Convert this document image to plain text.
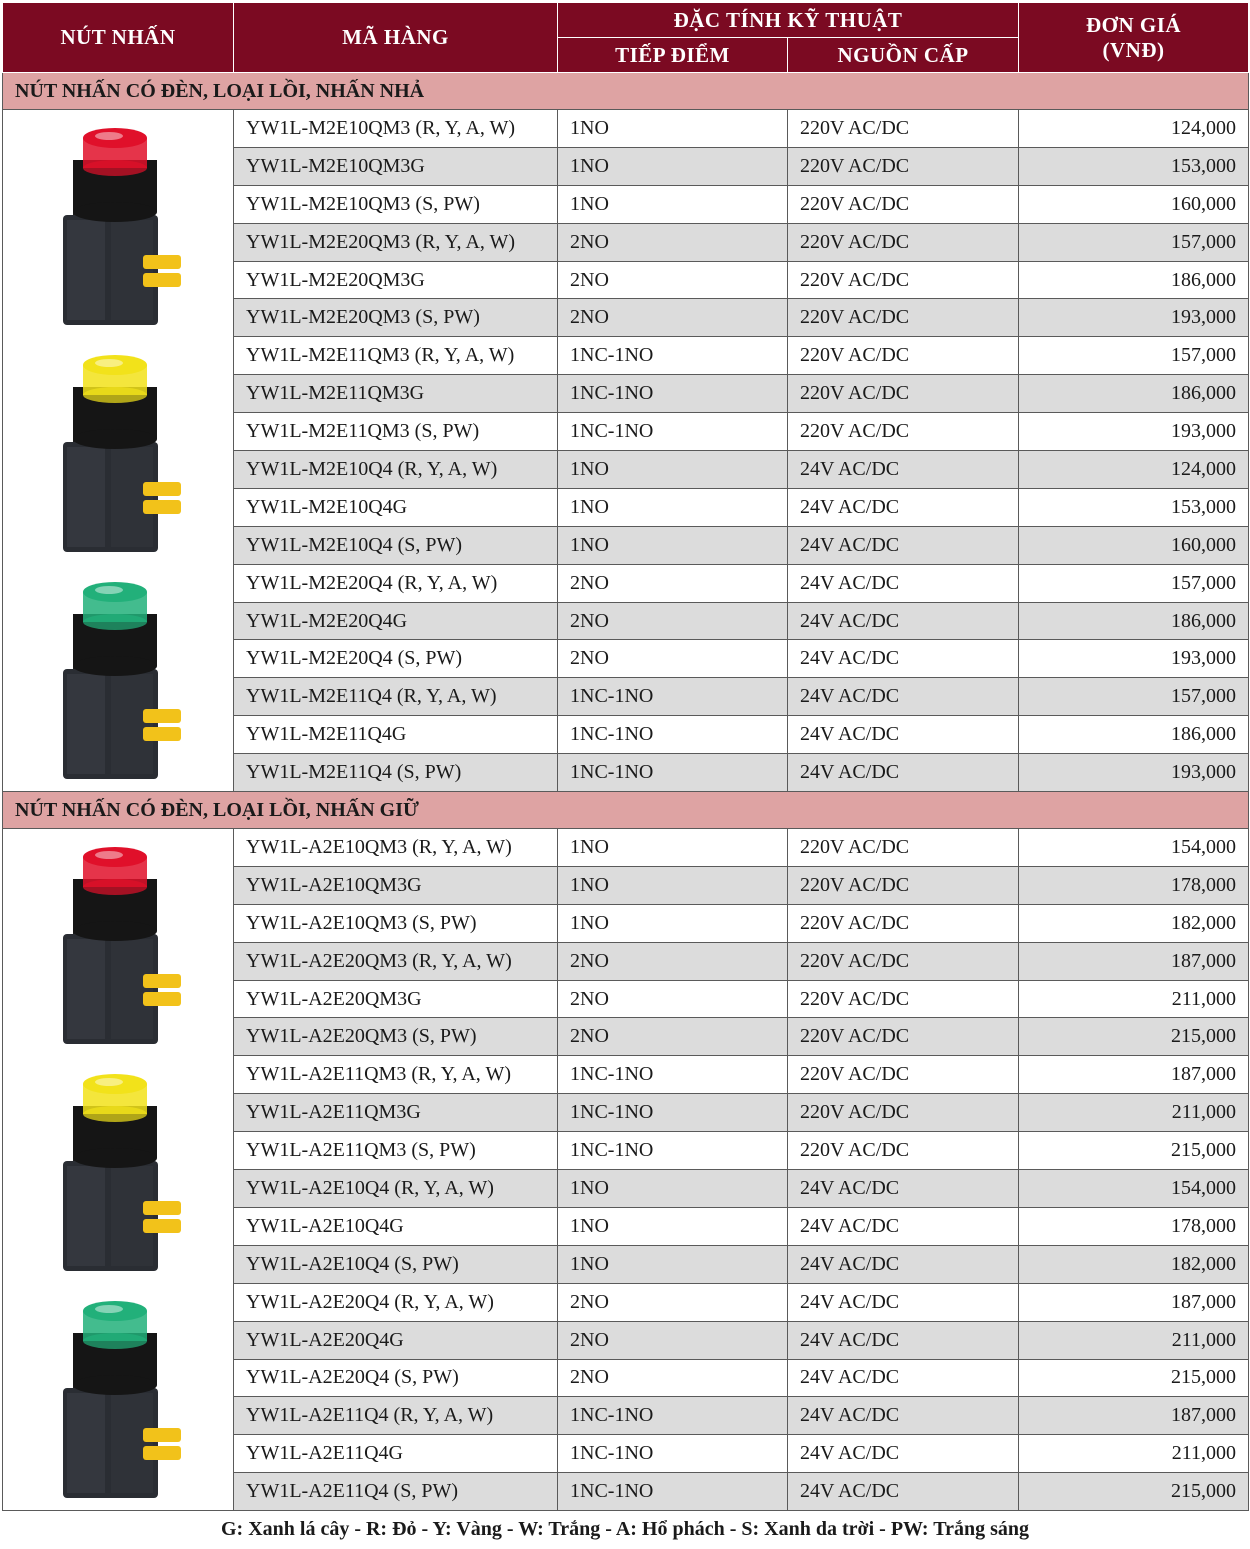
NÚT NHẤN	MÃ HÀNG	ĐẶC TÍNH KỸ THUẬT		ĐƠN GIÁ
(VNĐ)

		TIẾP ĐIỂM	NGUỒN CẤP	
NÚT NHẤN CÓ ĐÈN, LOẠI LỒI, NHẤN NHẢ				

	YW1L-M2E10QM3 (R, Y, A, W)	1NO	220V AC/DC	124,000
	YW1L-M2E10QM3G	1NO	220V AC/DC	153,000
	YW1L-M2E10QM3 (S, PW)	1NO	220V AC/DC	160,000
	YW1L-M2E20QM3 (R, Y, A, W)	2NO	220V AC/DC	157,000
	YW1L-M2E20QM3G	2NO	220V AC/DC	186,000
	YW1L-M2E20QM3 (S, PW)	2NO	220V AC/DC	193,000
	YW1L-M2E11QM3 (R, Y, A, W)	1NC-1NO	220V AC/DC	157,000
	YW1L-M2E11QM3G	1NC-1NO	220V AC/DC	186,000
	YW1L-M2E11QM3 (S, PW)	1NC-1NO	220V AC/DC	193,000
	YW1L-M2E10Q4 (R, Y, A, W)	1NO	24V AC/DC	124,000
	YW1L-M2E10Q4G	1NO	24V AC/DC	153,000
	YW1L-M2E10Q4 (S, PW)	1NO	24V AC/DC	160,000
	YW1L-M2E20Q4 (R, Y, A, W)	2NO	24V AC/DC	157,000
	YW1L-M2E20Q4G	2NO	24V AC/DC	186,000
	YW1L-M2E20Q4 (S, PW)	2NO	24V AC/DC	193,000
	YW1L-M2E11Q4 (R, Y, A, W)	1NC-1NO	24V AC/DC	157,000
	YW1L-M2E11Q4G	1NC-1NO	24V AC/DC	186,000
	YW1L-M2E11Q4 (S, PW)	1NC-1NO	24V AC/DC	193,000
NÚT NHẤN CÓ ĐÈN, LOẠI LỒI, NHẤN GIỮ				

	YW1L-A2E10QM3 (R, Y, A, W)	1NO	220V AC/DC	154,000
	YW1L-A2E10QM3G	1NO	220V AC/DC	178,000
	YW1L-A2E10QM3 (S, PW)	1NO	220V AC/DC	182,000
	YW1L-A2E20QM3 (R, Y, A, W)	2NO	220V AC/DC	187,000
	YW1L-A2E20QM3G	2NO	220V AC/DC	211,000
	YW1L-A2E20QM3 (S, PW)	2NO	220V AC/DC	215,000
	YW1L-A2E11QM3 (R, Y, A, W)	1NC-1NO	220V AC/DC	187,000
	YW1L-A2E11QM3G	1NC-1NO	220V AC/DC	211,000
	YW1L-A2E11QM3 (S, PW)	1NC-1NO	220V AC/DC	215,000
	YW1L-A2E10Q4 (R, Y, A, W)	1NO	24V AC/DC	154,000
	YW1L-A2E10Q4G	1NO	24V AC/DC	178,000
	YW1L-A2E10Q4 (S, PW)	1NO	24V AC/DC	182,000
	YW1L-A2E20Q4 (R, Y, A, W)	2NO	24V AC/DC	187,000
	YW1L-A2E20Q4G	2NO	24V AC/DC	211,000
	YW1L-A2E20Q4 (S, PW)	2NO	24V AC/DC	215,000
	YW1L-A2E11Q4 (R, Y, A, W)	1NC-1NO	24V AC/DC	187,000
	YW1L-A2E11Q4G	1NC-1NO	24V AC/DC	211,000
	YW1L-A2E11Q4 (S, PW)	1NC-1NO	24V AC/DC	215,000
G: Xanh lá cây - R: Đỏ - Y: Vàng - W: Trắng - A: Hổ phách - S: Xanh da trời - PW: Trắng sáng
